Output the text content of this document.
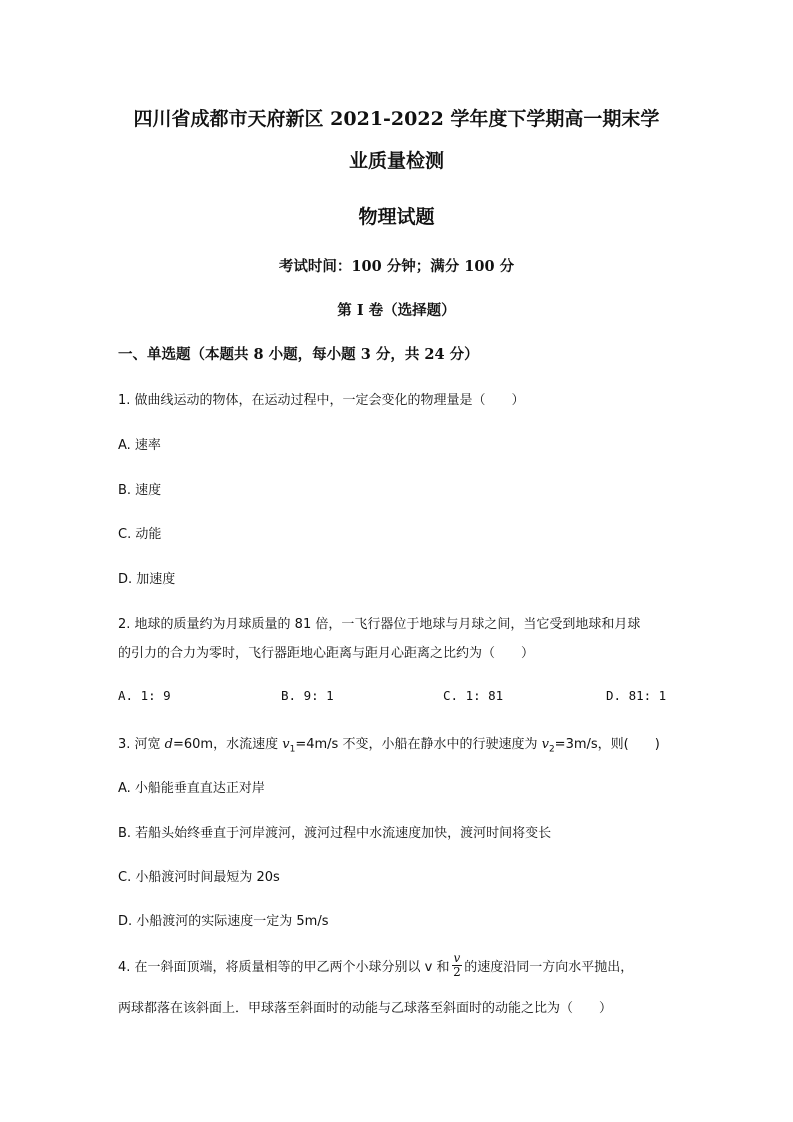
四川省成都市天府新区 2021-2022 学年度下学期高一期末学
业质量检测
物理试题
考试时间：100 分钟；满分 100 分
第 I 卷（选择题）
一、单选题（本题共 8 小题，每小题 3 分，共 24 分）
1. 做曲线运动的物体，在运动过程中，一定会变化的物理量是（　　）
A. 速率
B. 速度
C. 动能
D. 加速度
2. 地球的质量约为月球质量的 81 倍，一飞行器位于地球与月球之间，当它受到地球和月球
的引力的合力为零时，飞行器距地心距离与距月心距离之比约为（　　）
A. 1: 9	B. 9: 1	C. 1: 81	D. 81: 1
3. 河宽 d=60m，水流速度 $v_1=4m/s$ 不变，小船在静水中的行驶速度为 $v_2=3m/s$，则(　　)
A. 小船能垂直直达正对岸
B. 若船头始终垂直于河岸渡河，渡河过程中水流速度加快，渡河时间将变长
C. 小船渡河时间最短为 20s
D. 小船渡河的实际速度一定为 5m/s
4. 在一斜面顶端，将质量相等的甲乙两个小球分别以 v 和 $\frac{v}{2}$ 的速度沿同一方向水平抛出，
两球都落在该斜面上．甲球落至斜面时的动能与乙球落至斜面时的动能之比为（　　）
